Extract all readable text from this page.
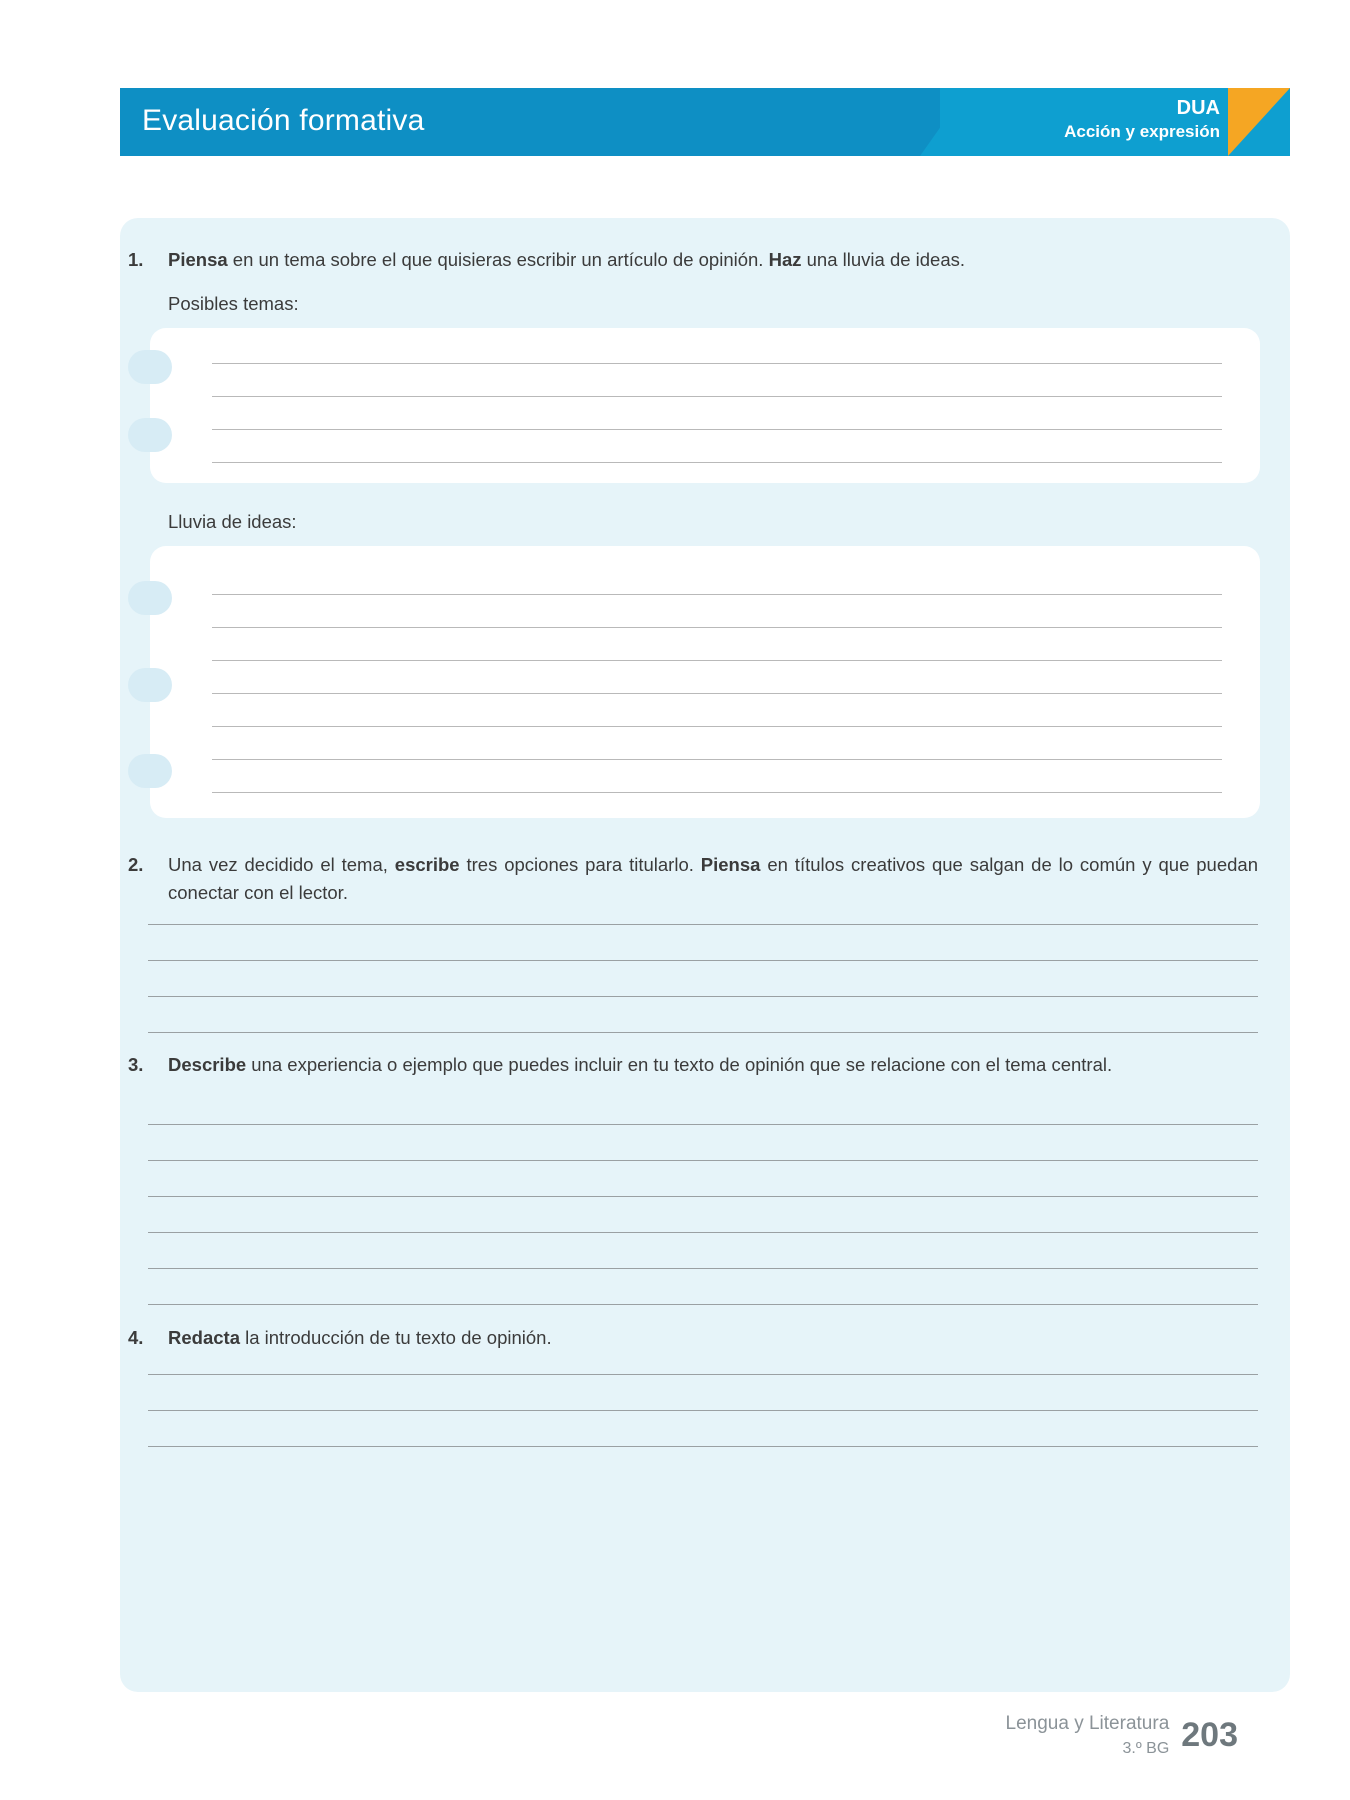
Evaluación formativa	DUA
Acción y expresión
1.	Piensa en un tema sobre el que quisieras escribir un artículo de opinión. Haz una lluvia de ideas.
Posibles temas:
Lluvia de ideas:
2.	Una vez decidido el tema, escribe tres opciones para titularlo. Piensa en títulos creativos que salgan de lo común y que puedan conectar con el lector.
3.	Describe una experiencia o ejemplo que puedes incluir en tu texto de opinión que se relacione con el tema central.
4.	Redacta la introducción de tu texto de opinión.
Lengua y Literatura
3.º BG 203
